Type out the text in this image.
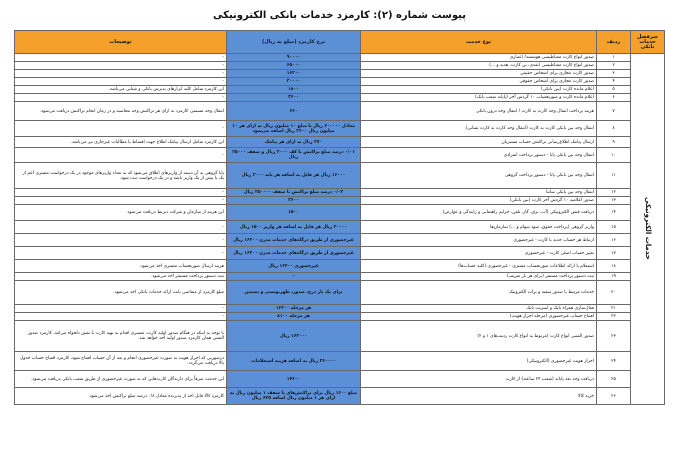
پیوست شماره (۲): کارمزد خدمات بانکی الکترونیکی
سرفصل خدمات بانکی	ردیف	نوع خدمت	نرخ کارمزد (مبلغ به ریال)	توضیحات
خدمات الکترونیکی	۱	صدور انواع کارت مغناطیسی هوشمند/ اعتباری	۹۰۰۰۰	-
	۲	صدور انواع کارت مغناطیسی (نقدی، بن کارت، هدیه و ...)	۶۵۰۰۰	-
	۳	صدور کارت مجازی برای اشخاص حقیقی	۱۶۲۰۰	-
	۴	صدور کارت مجازی برای اشخاص حقوقی	۲۰۰۰۰	-
	۵	اعلام مانده کارت (بین بانکی)	۱۸۰۰	این کارمزد شامل کلیه ابزارهای پذیرش بانکی و شتابی می‌باشد.
	۶	اعلام مانده کارت و صورتحساب ۱۰ گردش آخر (پایانه شعب بانک)	۳۶۰۰	-
	۷	هزینه پرداخت انتقال وجه کارت به کارت / انتقال وجه درون بانکی	۶۶۰	انتقال وجه مستمر، کارمزد به ازای هر تراکنش وجه محاسبه و در زمان انجام تراکنش دریافت می‌شود.
	۸	انتقال وجه بین بانکی کارت به کارت (انتقال وجه کارت به کارت شتابی)	معادل ۶۰۰۰۰۰ ریال تا مبلغ ۱۰ میلیون ریال به ازای هر ۱۰ میلیون ریال ۳۶۰۰ ریال اضافه می‌شود	-
	۹	ارسال پیامک اطلاع‌رسانی تراکنش حساب مشتریان	۲۷۰ ریال به ازای هر پیامک	این کارمزد شامل ارسال پیامک اطلاع جهت اقساط یا مطالبات غیرجاری نیز می‌باشد.
	۱۰	انتقال وجه بین بانکی پایا - دستور پرداخت انفرادی	۰/۰۱ درصد مبلغ تراکنش با کف ۲۰۰۰ ریال و سقف ۲۵۰۰۰ ریال	-
	۱۱	انتقال وجه بین بانکی پایا - دستور پرداخت گروهی	۱۶۰۰۰ ریال هر فایل به اضافه هر پایه ۲۰۰۰ ریال	پایا گروهی به آن دسته از واریزهای اطلاق می‌شود که به تعداد واریزهای موجود در یک درخواست مشتری اعم از یک یا بیش از یک واریز باشد و در یک درخواست ثبت شود.
	۱۲	انتقال وجه بین بانکی ساتنا	۰/۰۲ درصد مبلغ تراکنش تا سقف ۳۵۰۰۰۰ ریال	-
	۱۳	صدور اعلامیه ۱۰ گردش آخر کارت (بین بانکی)	۳۶۰۰	-
	۱۴	دریافت قبض الکترونیکی (آب، برق، گاز، تلفن، جرایم راهنمایی و رانندگی و عوارض)	۱۵۰۰	این هزینه از سازمان و شرکت ذیربط دریافت می‌شود.
	۱۵	واریز گروهی (پرداخت حقوق، سود سهام و ...) سازمان‌ها	۲۰۰۰۰ ریال هر فایل به اضافه هر واریز ۱۵۰۰ ریال	-
	۱۶	ارتباط هر حساب جدید با کارت - غیرحضوری	غیرحضوری از طریق درگاه‌های خدمات مدرن ۱۶۲۰۰ ریال	-
	۱۷	تغییر حساب اصلی کارت - غیرحضوری	غیرحضوری از طریق درگاه‌های خدمات مدرن ۱۶۲۰۰ ریال	-
	۱۸	استعلام یا ارائه اطلاعات صورتحساب مشتری - غیرحضوری (کلیه حساب‌ها)	غیرحضوری ۱۶۲۰۰ ریال	هزینه ارسال صورتحساب مشتری اخذ می‌شود.
	۱۹	ثبت دستور پرداخت مستمر (برای هر بار تعریف)	-	ثبت دستور پرداخت مستمر اخذ می‌شود.
	۲۰	خدمات مرتبط با صدور سفته و برات الکترونیک	برای یک بار درج، صدور، ظهرنویسی و تضمین	مبلغ کارمزد از متقاضی بابت ارائه خدمات بانکی اخذ می‌شود.
	۲۱	فعال‌سازی همراه بانک و اینترنت بانک	هر مرحله ۱۶۲۰۰	-
	۲۲	افتتاح حساب غیرحضوری (مرحله احراز هویت)	هر مرحله ۸۱۰۰	-
	۲۳	صدور المثنی انواع کارت (مربوط به انواع کارت ردیف‌های ۱ و ۲)	۱۶۲۰۰۰ ریال	با توجه به اینکه در هنگام صدور اولیه کارت، مشتری اقدام به تهیه کارت با نقش دلخواه می‌کند، کارمزد صدور المثنی همان کارمزد صدور اولیه اخذ خواهد شد.
	۲۴	احراز هویت غیرحضوری (الکترونیکی)	۲۶۰۰۰۰ ریال به اضافه هزینه استعلامات	درصورتی که احراز هویت به صورت غیرحضوری انجام و بعد از آن حساب افتتاح شود، کارمزد افتتاح حساب جدول بالا دریافت می‌گردد.
	۲۵	دریافت وجه نقد پایانه (شعب ۲۴ ساعته) از کارت	۱۴۶۰۰	این خدمت صرفاً برای دارندگان کارت‌هایی که به صورت غیرحضوری از طریق شعب بانکی دریافت می‌شود.
	۲۶	خرید کالا	مبلغ ۱۶۰۰ ریال برای تراکنش‌های تا سقف ۱ میلیون ریال به ازای هر ۱ میلیون ریال اضافه ۶۲۵ ریال	کارمزد کالا قابل اخذ از پذیرنده معادل ۰/۸ درصد مبلغ تراکنش اخذ می‌شود.
